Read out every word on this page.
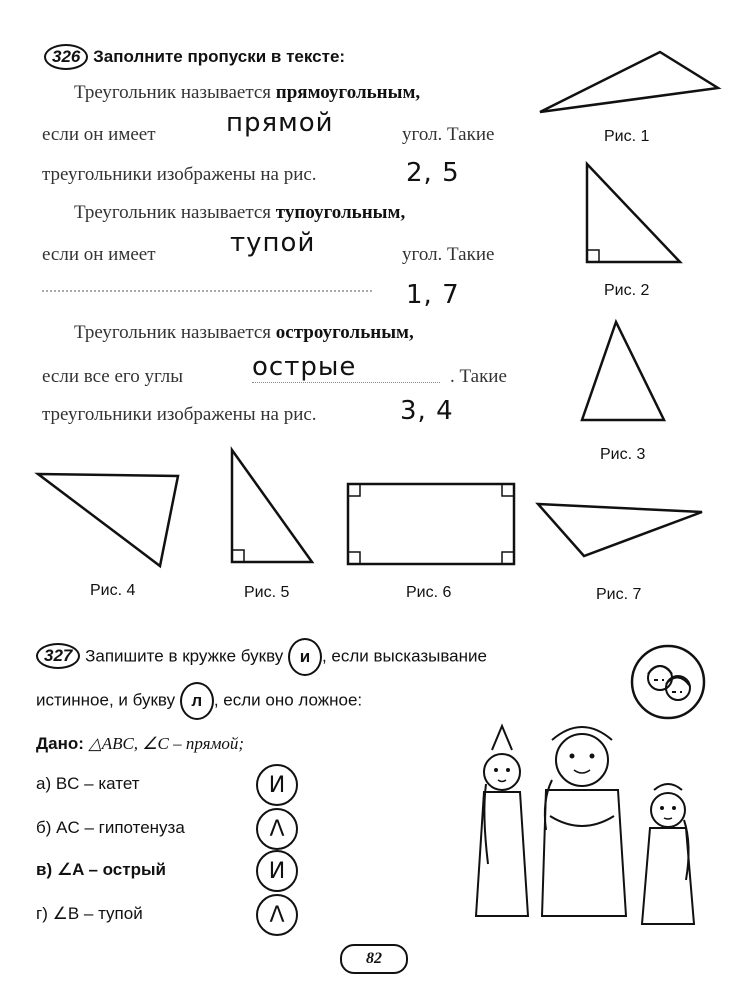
326 Заполните пропуски в тексте:
Треугольник называется прямоугольным,
если он имеет	прямой	угол. Такие
треугольники изображены на рис.	2, 5
Треугольник называется тупоугольным,
если он имеет	тупой	угол. Такие
1, 7
Треугольник называется остроугольным,
если все его углы	острые	. Такие
треугольники изображены на рис.	3, 4
Рис. 1
Рис. 2
Рис. 3
Рис. 4	Рис. 5	Рис. 6	Рис. 7
327 Запишите в кружке букву и , если высказывание
истинное, и букву л , если оно ложное:
Дано: △ABC, ∠C – прямой;
а) BC – катет	И
б) AC – гипотенуза	Λ
в) ∠A – острый	И
г) ∠B – тупой	Λ
82
